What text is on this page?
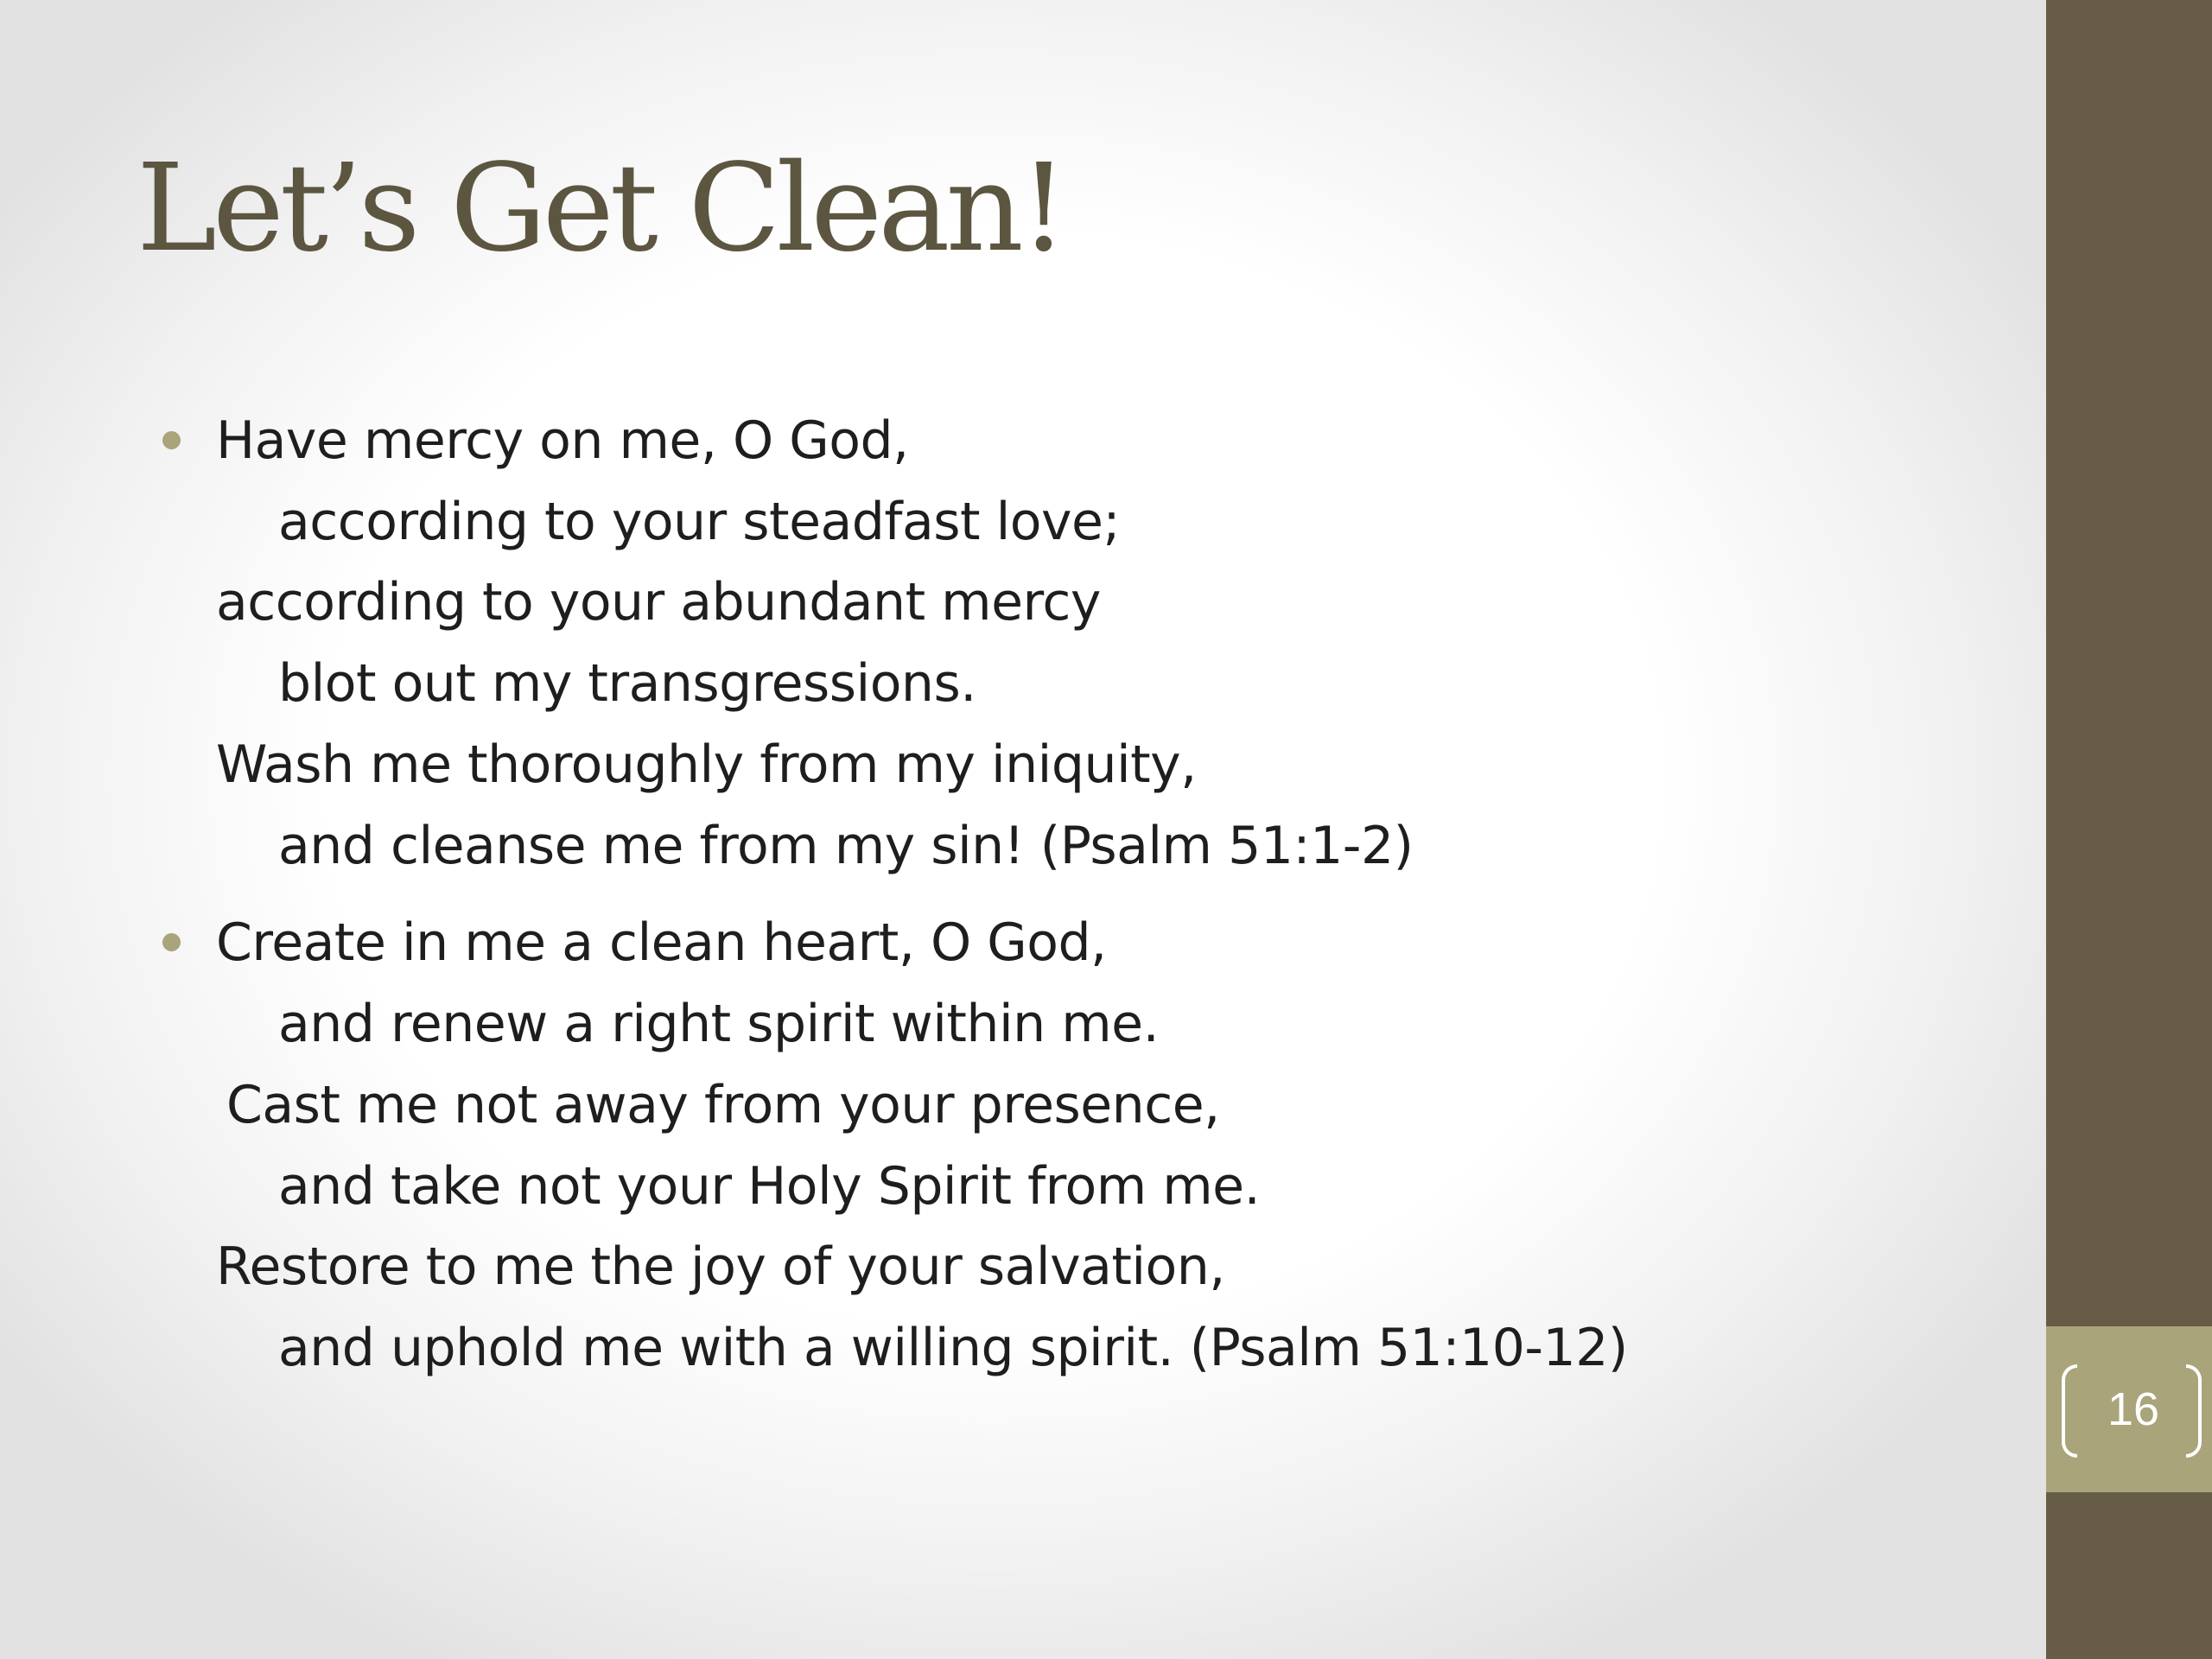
16
Let’s Get Clean!
Have mercy on me, O God,
according to your steadfast love;
according to your abundant mercy
blot out my transgressions.
Wash me thoroughly from my iniquity,
and cleanse me from my sin! (Psalm 51:1-2)
Create in me a clean heart, O God,
and renew a right spirit within me.
Cast me not away from your presence,
and take not your Holy Spirit from me.
Restore to me the joy of your salvation,
and uphold me with a willing spirit. (Psalm 51:10-12)
